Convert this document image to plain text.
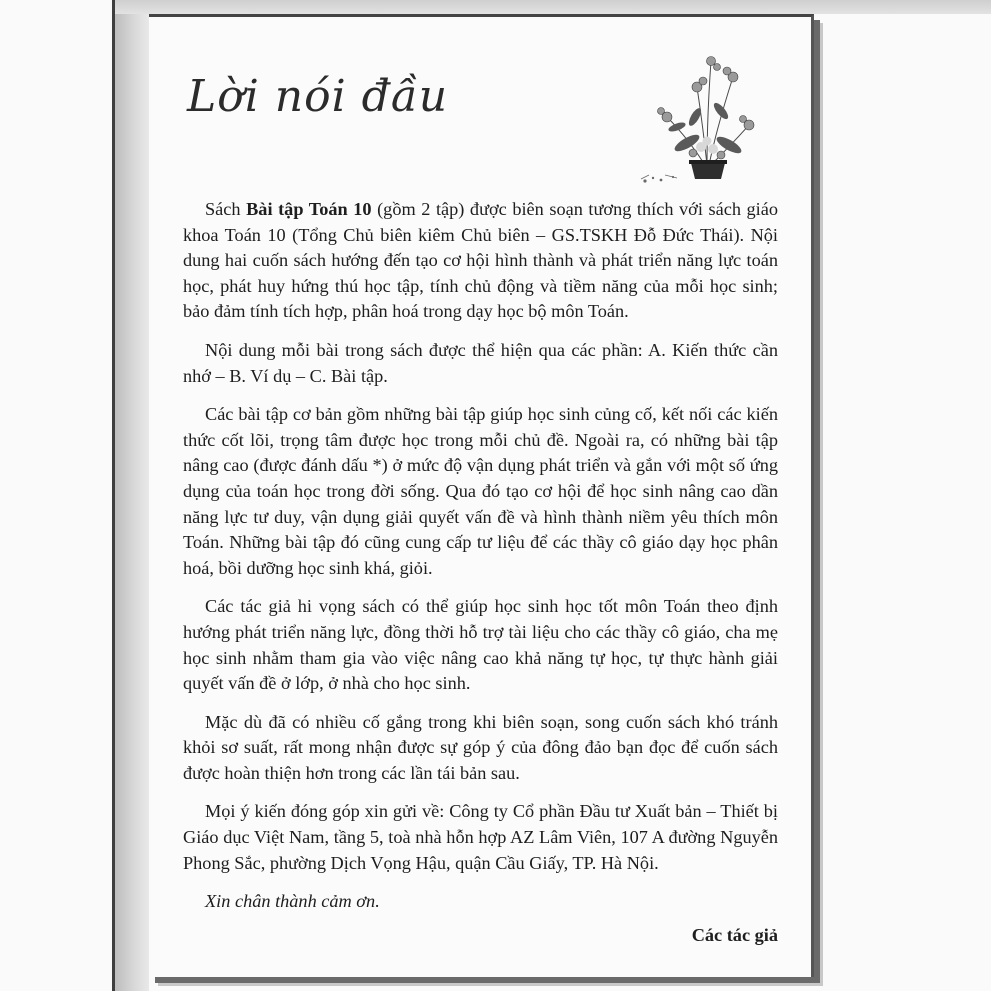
Lời nói đầu

Sách Bài tập Toán 10 (gồm 2 tập) được biên soạn tương thích với sách giáo khoa Toán 10 (Tổng Chủ biên kiêm Chủ biên – GS.TSKH Đỗ Đức Thái). Nội dung hai cuốn sách hướng đến tạo cơ hội hình thành và phát triển năng lực toán học, phát huy hứng thú học tập, tính chủ động và tiềm năng của mỗi học sinh; bảo đảm tính tích hợp, phân hoá trong dạy học bộ môn Toán.

Nội dung mỗi bài trong sách được thể hiện qua các phần: A. Kiến thức cần nhớ – B. Ví dụ – C. Bài tập.

Các bài tập cơ bản gồm những bài tập giúp học sinh củng cố, kết nối các kiến thức cốt lõi, trọng tâm được học trong mỗi chủ đề. Ngoài ra, có những bài tập nâng cao (được đánh dấu *) ở mức độ vận dụng phát triển và gắn với một số ứng dụng của toán học trong đời sống. Qua đó tạo cơ hội để học sinh nâng cao dần năng lực tư duy, vận dụng giải quyết vấn đề và hình thành niềm yêu thích môn Toán. Những bài tập đó cũng cung cấp tư liệu để các thầy cô giáo dạy học phân hoá, bồi dưỡng học sinh khá, giỏi.

Các tác giả hi vọng sách có thể giúp học sinh học tốt môn Toán theo định hướng phát triển năng lực, đồng thời hỗ trợ tài liệu cho các thầy cô giáo, cha mẹ học sinh nhằm tham gia vào việc nâng cao khả năng tự học, tự thực hành giải quyết vấn đề ở lớp, ở nhà cho học sinh.

Mặc dù đã có nhiều cố gắng trong khi biên soạn, song cuốn sách khó tránh khỏi sơ suất, rất mong nhận được sự góp ý của đông đảo bạn đọc để cuốn sách được hoàn thiện hơn trong các lần tái bản sau.

Mọi ý kiến đóng góp xin gửi về: Công ty Cổ phần Đầu tư Xuất bản – Thiết bị Giáo dục Việt Nam, tầng 5, toà nhà hỗn hợp AZ Lâm Viên, 107 A đường Nguyễn Phong Sắc, phường Dịch Vọng Hậu, quận Cầu Giấy, TP. Hà Nội.

Xin chân thành cảm ơn.

Các tác giả
